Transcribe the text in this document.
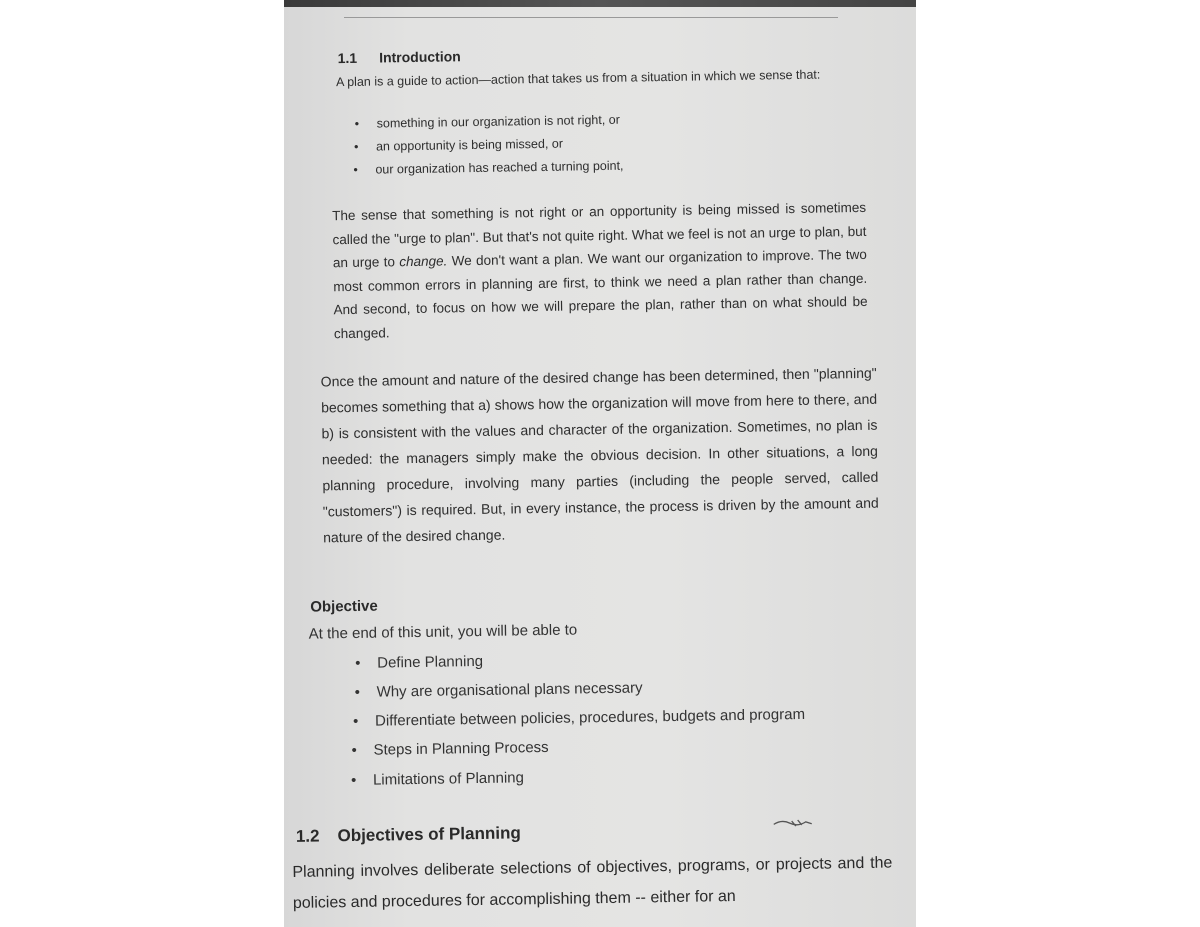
1.1 Introduction
A plan is a guide to action—action that takes us from a situation in which we sense that:
• something in our organization is not right, or
• an opportunity is being missed, or
• our organization has reached a turning point,
The sense that something is not right or an opportunity is being missed is sometimes called the "urge to plan". But that's not quite right. What we feel is not an urge to plan, but an urge to change. We don't want a plan. We want our organization to improve. The two most common errors in planning are first, to think we need a plan rather than change. And second, to focus on how we will prepare the plan, rather than on what should be changed.
Once the amount and nature of the desired change has been determined, then "planning" becomes something that a) shows how the organization will move from here to there, and b) is consistent with the values and character of the organization. Sometimes, no plan is needed: the managers simply make the obvious decision. In other situations, a long planning procedure, involving many parties (including the people served, called "customers") is required. But, in every instance, the process is driven by the amount and nature of the desired change.
Objective
At the end of this unit, you will be able to
• Define Planning
• Why are organisational plans necessary
• Differentiate between policies, procedures, budgets and program
• Steps in Planning Process
• Limitations of Planning
1.2 Objectives of Planning
Planning involves deliberate selections of objectives, programs, or projects and the policies and procedures for accomplishing them -- either for an
